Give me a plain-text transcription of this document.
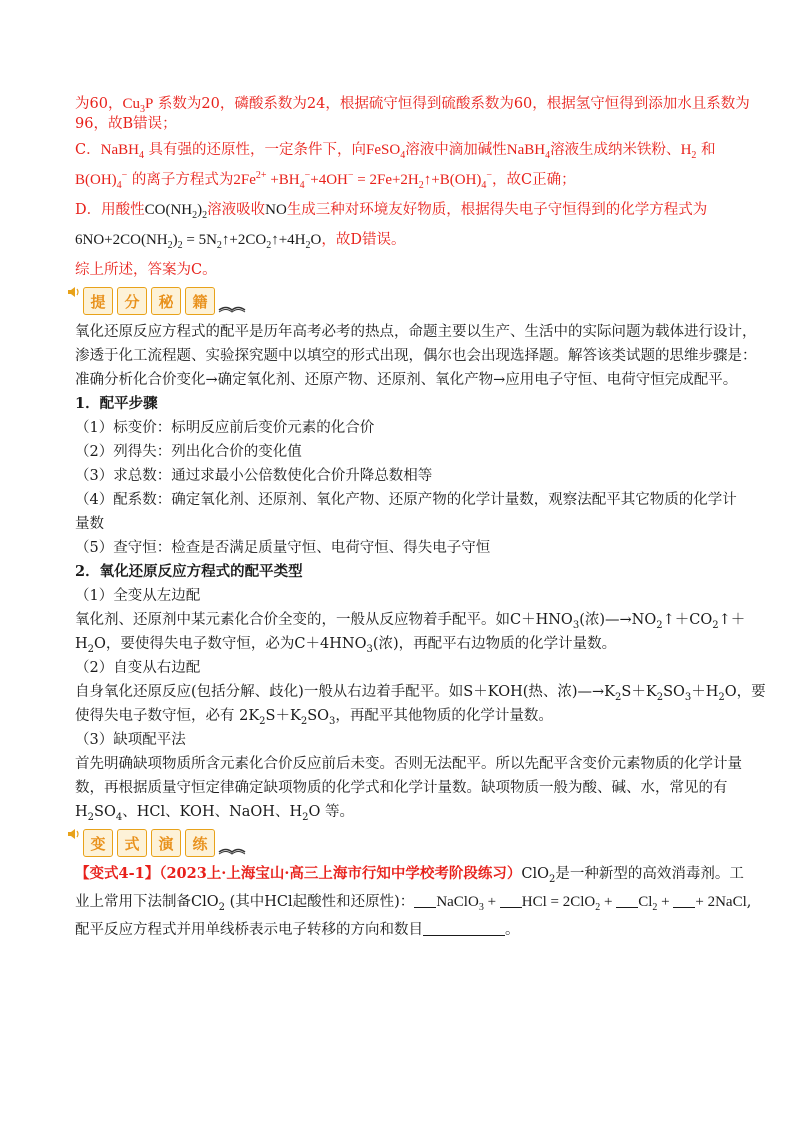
为60，$Cu_3P$ 系数为20，磷酸系数为24，根据硫守恒得到硫酸系数为60，根据氢守恒得到添加水且系数为

96，故B错误；

C．NaBH$_4$ 具有强的还原性，一定条件下，向FeSO$_4$溶液中滴加碱性NaBH$_4$溶液生成纳米铁粉、$H_2$ 和

$B(OH)_4^-$ 的离子方程式为$2Fe^{2+} +BH_4^-+4OH^-$ = $2Fe+2H_2↑+B(OH)_4^-$，故C正确；

D．用酸性$CO(NH_2)_2$溶液吸收NO生成三种对环境友好物质，根据得失电子守恒得到的化学方程式为

$6NO+2CO(NH_2)_2$ = $5N_2↑+2CO_2↑+4H_2O$，故D错误。

综上所述，答案为C。

提	分	秘	籍

氧化还原反应方程式的配平是历年高考必考的热点，命题主要以生产、生活中的实际问题为载体进行设计，

渗透于化工流程题、实验探究题中以填空的形式出现，偶尔也会出现选择题。解答该类试题的思维步骤是：

准确分析化合价变化→确定氧化剂、还原产物、还原剂、氧化产物→应用电子守恒、电荷守恒完成配平。

1．配平步骤

（1）标变价：标明反应前后变价元素的化合价

（2）列得失：列出化合价的变化值

（3）求总数：通过求最小公倍数使化合价升降总数相等

（4）配系数：确定氧化剂、还原剂、氧化产物、还原产物的化学计量数，观察法配平其它物质的化学计

量数

（5）查守恒：检查是否满足质量守恒、电荷守恒、得失电子守恒

2．氧化还原反应方程式的配平类型

（1）全变从左边配

氧化剂、还原剂中某元素化合价全变的，一般从反应物着手配平。如$C+HNO_3$(浓)$—\to NO_2↑+CO_2↑+$

$H_2O$，要使得失电子数守恒，必为$C+4HNO_3$(浓)，再配平右边物质的化学计量数。

（2）自变从右边配

自身氧化还原反应(包括分解、歧化)一般从右边着手配平。如S＋KOH(热、浓)$—\to K_2S+K_2SO_3+H_2O$，要

使得失电子数守恒，必有 $2K_2S+K_2SO_3$，再配平其他物质的化学计量数。

（3）缺项配平法

首先明确缺项物质所含元素化合价反应前后未变。否则无法配平。所以先配平含变价元素物质的化学计量

数，再根据质量守恒定律确定缺项物质的化学式和化学计量数。缺项物质一般为酸、碱、水，常见的有

$H_2SO_4$、HCl、KOH、NaOH、$H_2O$ 等。

变	式	演	练

【变式4-1】（2023上·上海宝山·高三上海市行知中学校考阶段练习）ClO$_2$是一种新型的高效消毒剂。工

业上常用下法制备ClO$_2$ (其中HCl起酸性和还原性)： NaClO$_3$ + HCl = $2ClO_2 + Cl_2$ + + 2NaCl,

配平反应方程式并用单线桥表示电子转移的方向和数目	。
